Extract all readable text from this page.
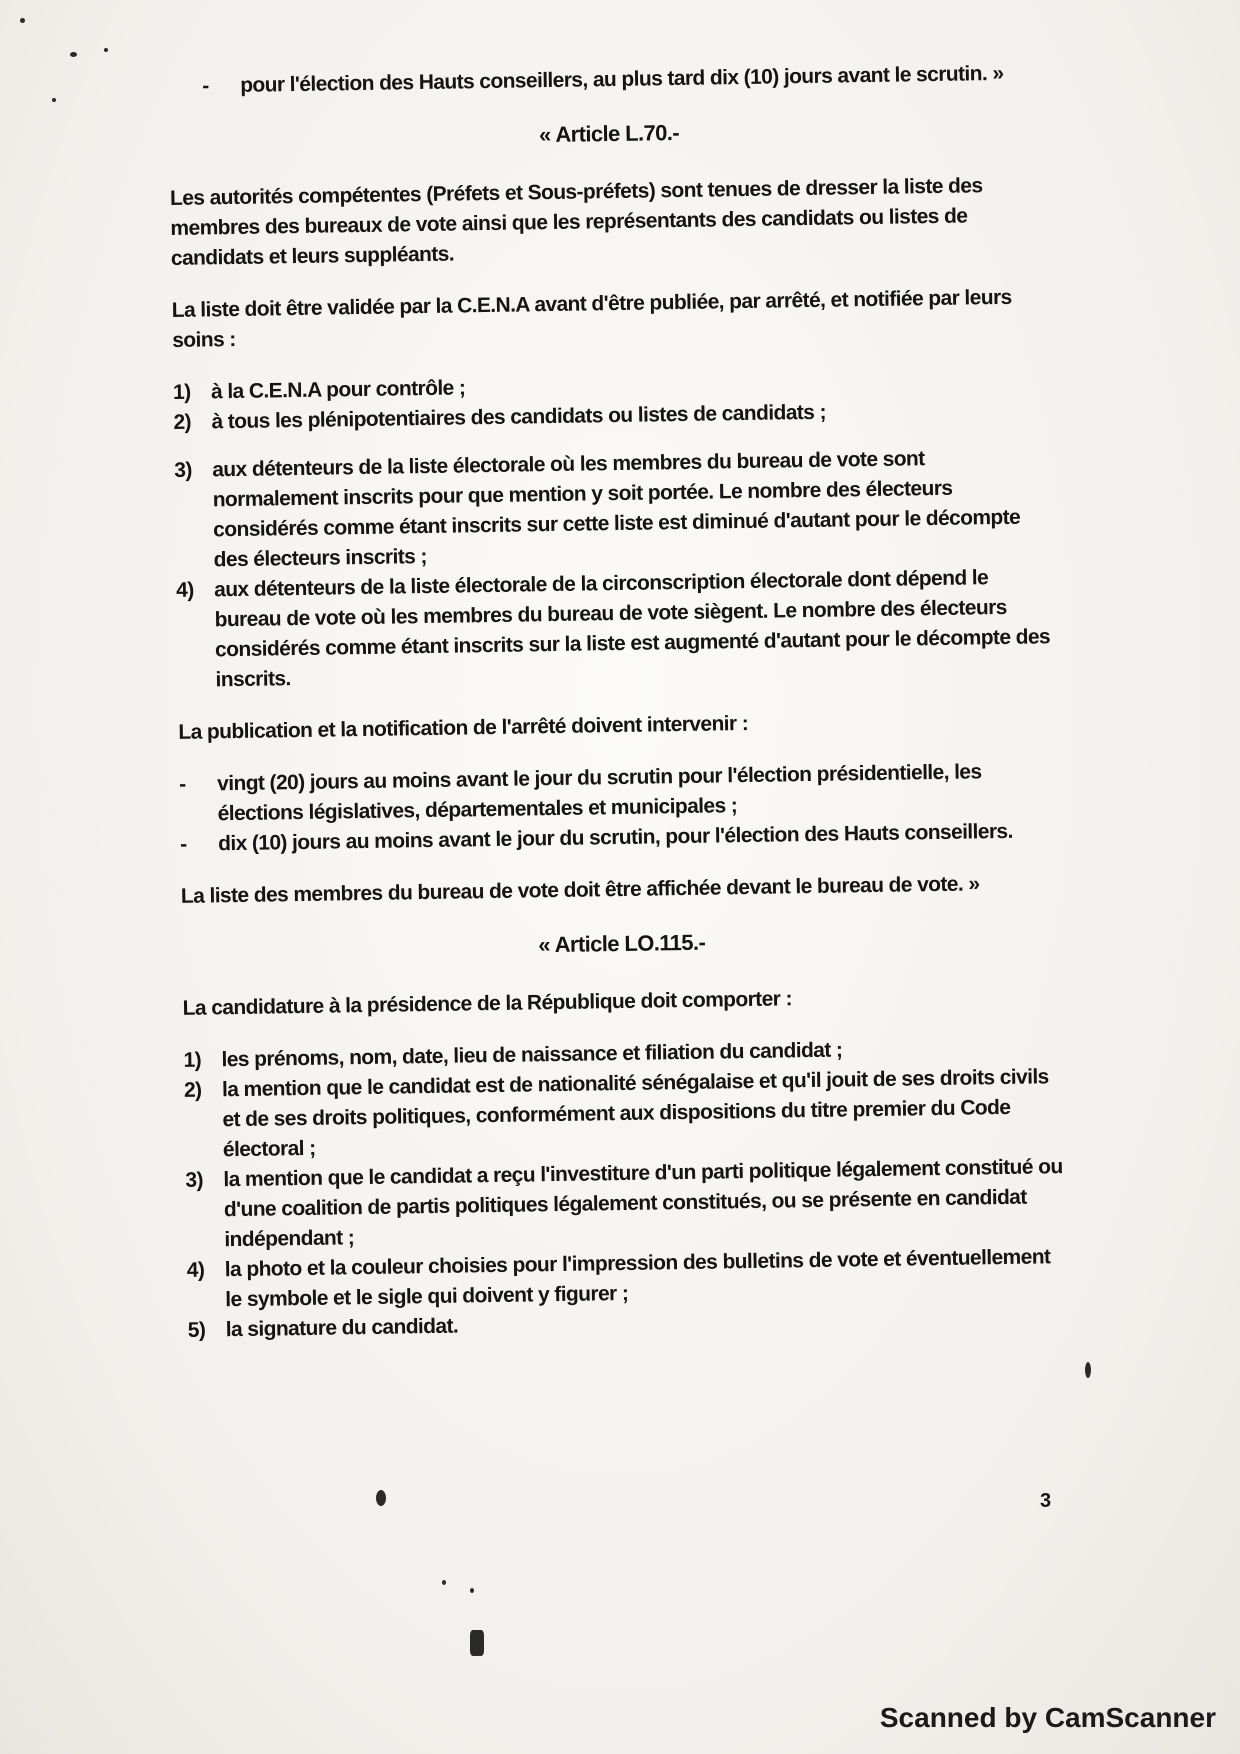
-	pour l'élection des Hauts conseillers, au plus tard dix (10) jours avant le scrutin. »
« Article L.70.-

Les autorités compétentes (Préfets et Sous-préfets) sont tenues de dresser la liste des membres des bureaux de vote ainsi que les représentants des candidats ou listes de candidats et leurs suppléants.

La liste doit être validée par la C.E.N.A avant d'être publiée, par arrêté, et notifiée par leurs soins :

1) à la C.E.N.A pour contrôle ;
2) à tous les plénipotentiaires des candidats ou listes de candidats ;
3) aux détenteurs de la liste électorale où les membres du bureau de vote sont normalement inscrits pour que mention y soit portée. Le nombre des électeurs considérés comme étant inscrits sur cette liste est diminué d'autant pour le décompte des électeurs inscrits ;
4) aux détenteurs de la liste électorale de la circonscription électorale dont dépend le bureau de vote où les membres du bureau de vote siègent. Le nombre des électeurs considérés comme étant inscrits sur la liste est augmenté d'autant pour le décompte des inscrits.

La publication et la notification de l'arrêté doivent intervenir :

-	vingt (20) jours au moins avant le jour du scrutin pour l'élection présidentielle, les élections législatives, départementales et municipales ;
-	dix (10) jours au moins avant le jour du scrutin, pour l'élection des Hauts conseillers.

La liste des membres du bureau de vote doit être affichée devant le bureau de vote. »

« Article LO.115.-

La candidature à la présidence de la République doit comporter :

1) les prénoms, nom, date, lieu de naissance et filiation du candidat ;
2) la mention que le candidat est de nationalité sénégalaise et qu'il jouit de ses droits civils et de ses droits politiques, conformément aux dispositions du titre premier du Code électoral ;
3) la mention que le candidat a reçu l'investiture d'un parti politique légalement constitué ou d'une coalition de partis politiques légalement constitués, ou se présente en candidat indépendant ;
4) la photo et la couleur choisies pour l'impression des bulletins de vote et éventuellement le symbole et le sigle qui doivent y figurer ;
5) la signature du candidat.
3
Scanned by CamScanner
